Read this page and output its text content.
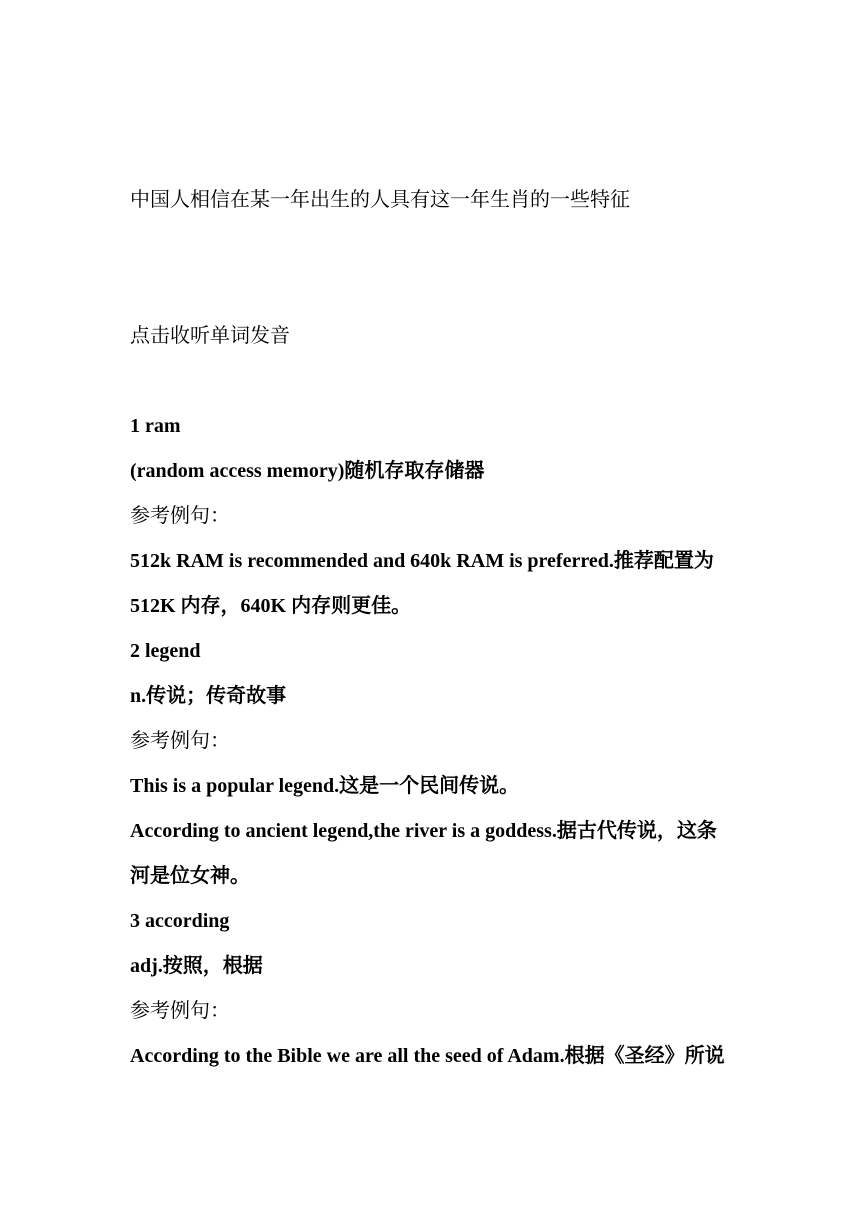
中国人相信在某一年出生的人具有这一年生肖的一些特征
点击收听单词发音
1 ram
(random access memory)随机存取存储器
参考例句：
512k RAM is recommended and 640k RAM is preferred.推荐配置为
512K 内存，640K 内存则更佳。
2 legend
n.传说；传奇故事
参考例句：
This is a popular legend.这是一个民间传说。
According to ancient legend,the river is a goddess.据古代传说，这条
河是位女神。
3 according
adj.按照，根据
参考例句：
According to the Bible we are all the seed of Adam.根据《圣经》所说
